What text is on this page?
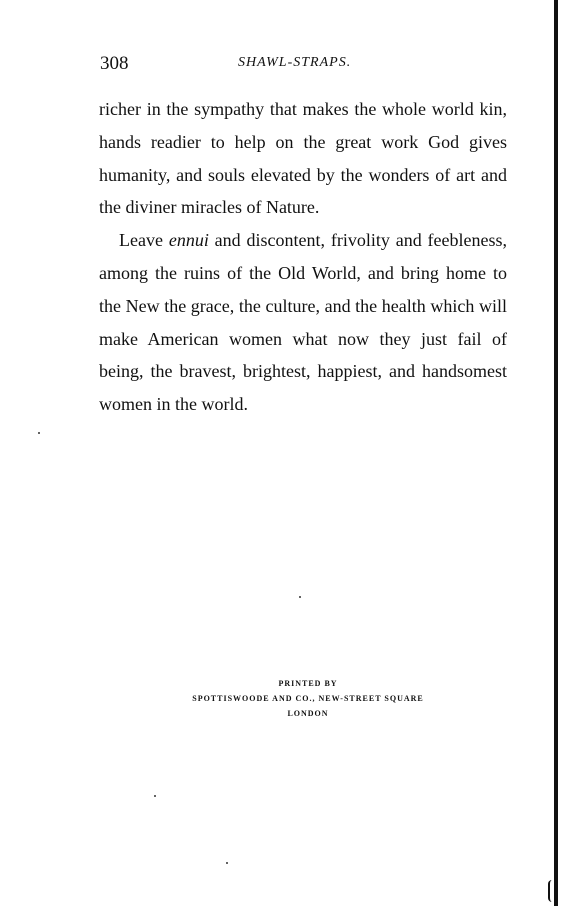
308	SHAWL-STRAPS.

richer in the sympathy that makes the whole world kin, hands readier to help on the great work God gives humanity, and souls elevated by the wonders of art and the diviner miracles of Nature.

Leave ennui and discontent, frivolity and feebleness, among the ruins of the Old World, and bring home to the New the grace, the culture, and the health which will make American women what now they just fail of being, the bravest, brightest, happiest, and handsomest women in the world.

PRINTED BY
SPOTTISWOODE AND CO., NEW-STREET SQUARE
LONDON
